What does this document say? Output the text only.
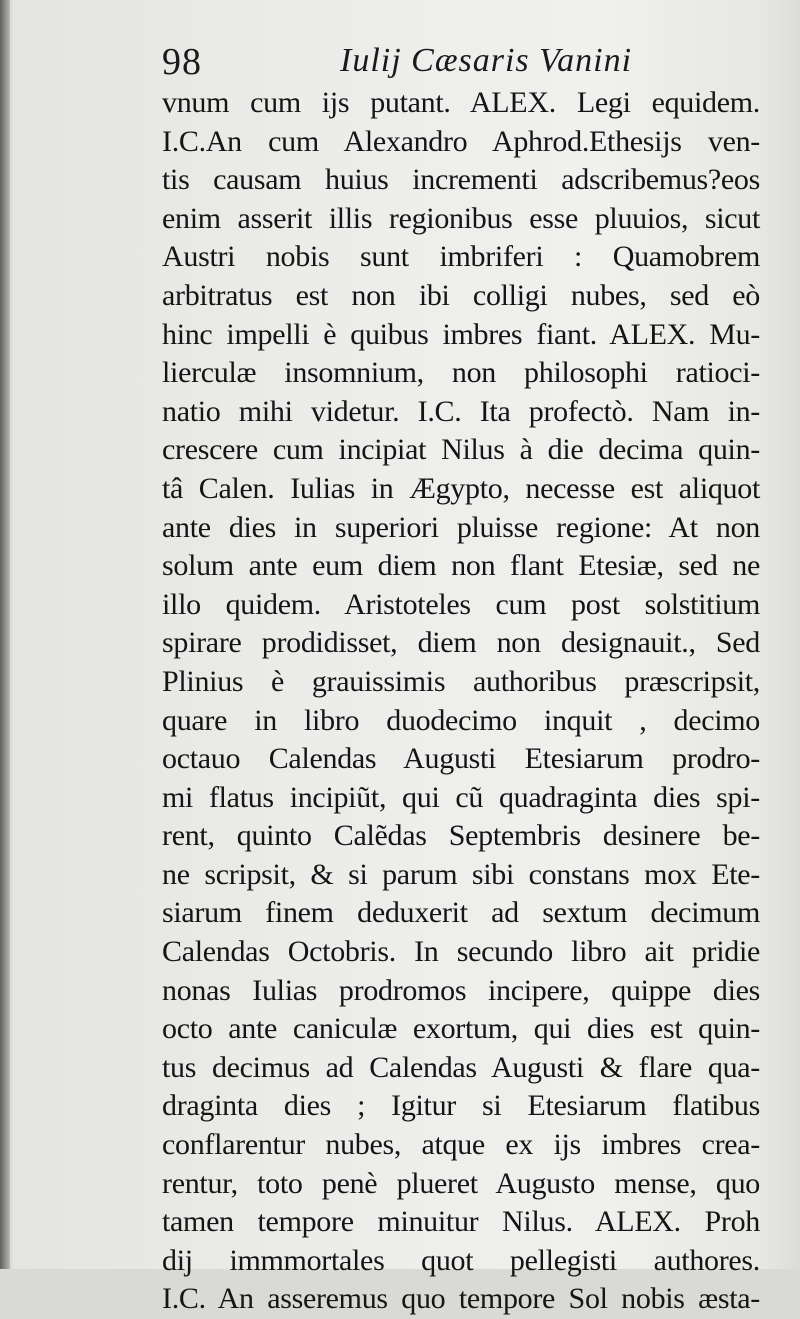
98	Iulij Cæsaris Vanini
vnum cum ijs putant. ALEX. Legi equidem.
I.C.An cum Alexandro Aphrod.Ethesijs ven-
tis causam huius incrementi adscribemus?eos
enim asserit illis regionibus esse pluuios, sicut
Austri nobis sunt imbriferi : Quamobrem
arbitratus est non ibi colligi nubes, sed eò
hinc impelli è quibus imbres fiant. ALEX. Mu-
lierculæ insomnium, non philosophi ratioci-
natio mihi videtur. I.C. Ita profectò. Nam in-
crescere cum incipiat Nilus à die decima quin-
tâ Calen. Iulias in Ægypto, necesse est aliquot
ante dies in superiori pluisse regione: At non
solum ante eum diem non flant Etesiæ, sed ne
illo quidem. Aristoteles cum post solstitium
spirare prodidisset, diem non designauit., Sed
Plinius è grauissimis authoribus præscripsit,
quare in libro duodecimo inquit , decimo
octauo Calendas Augusti Etesiarum prodro-
mi flatus incipiũt, qui cũ quadraginta dies spi-
rent, quinto Calẽdas Septembris desinere be-
ne scripsit, & si parum sibi constans mox Ete-
siarum finem deduxerit ad sextum decimum
Calendas Octobris. In secundo libro ait pridie
nonas Iulias prodromos incipere, quippe dies
octo ante caniculæ exortum, qui dies est quin-
tus decimus ad Calendas Augusti & flare qua-
draginta dies ; Igitur si Etesiarum flatibus
conflarentur nubes, atque ex ijs imbres crea-
rentur, toto penè plueret Augusto mense, quo
tamen tempore minuitur Nilus. ALEX. Proh
dij immmortales quot pellegisti authores.
I.C. An asseremus quo tempore Sol nobis æsta-
